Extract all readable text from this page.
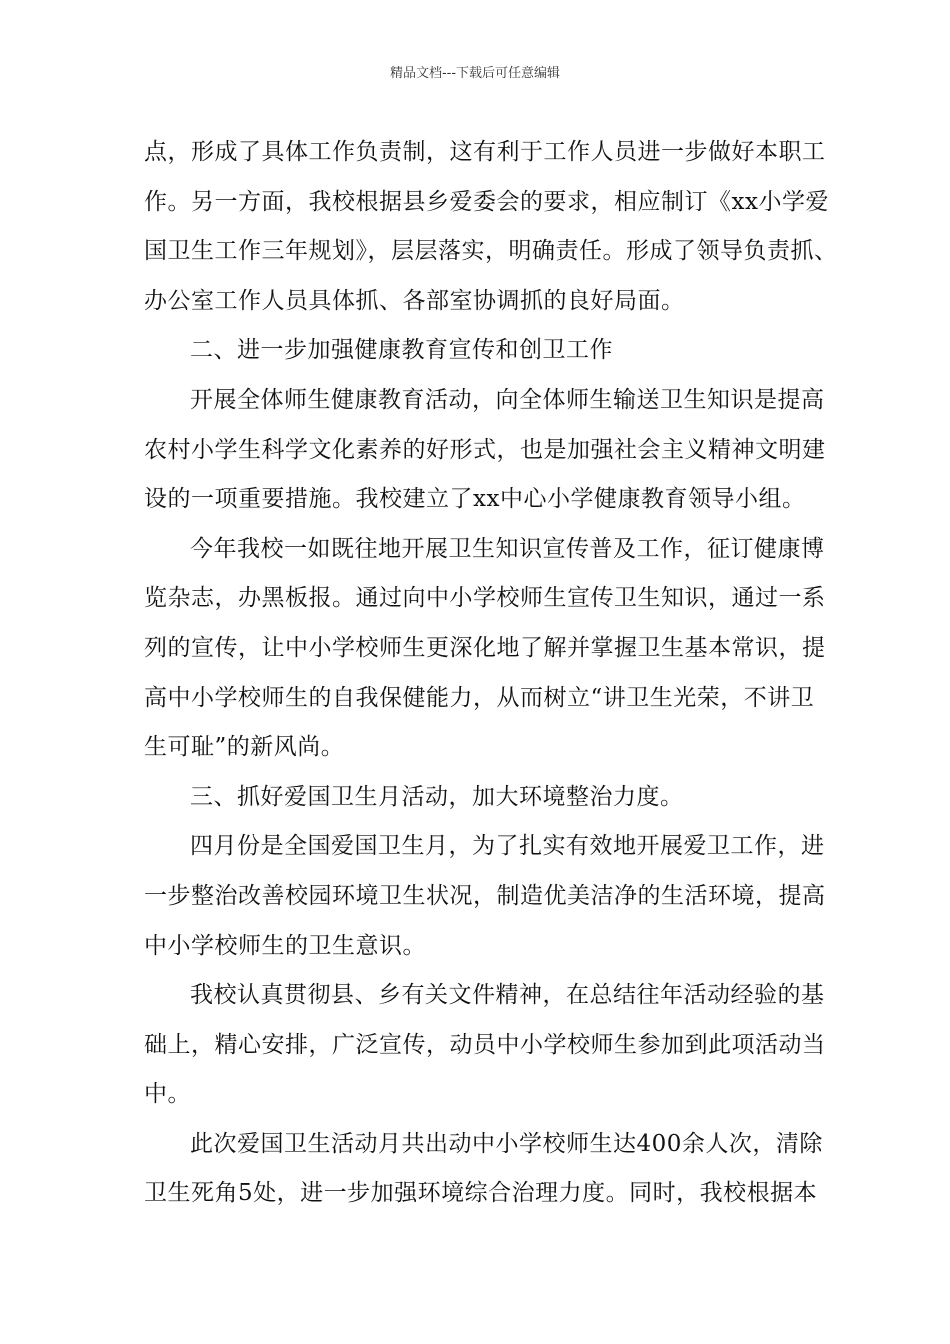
精品文档---下载后可任意编辑
点，形成了具体工作负责制，这有利于工作人员进一步做好本职工
作。另一方面，我校根据县乡爱委会的要求，相应制订《xx小学爱
国卫生工作三年规划》，层层落实，明确责任。形成了领导负责抓、
办公室工作人员具体抓、各部室协调抓的良好局面。
二、进一步加强健康教育宣传和创卫工作
开展全体师生健康教育活动，向全体师生输送卫生知识是提高
农村小学生科学文化素养的好形式，也是加强社会主义精神文明建
设的一项重要措施。我校建立了xx中心小学健康教育领导小组。
今年我校一如既往地开展卫生知识宣传普及工作，征订健康博
览杂志，办黑板报。通过向中小学校师生宣传卫生知识，通过一系
列的宣传，让中小学校师生更深化地了解并掌握卫生基本常识，提
高中小学校师生的自我保健能力，从而树立“讲卫生光荣，不讲卫
生可耻”的新风尚。
三、抓好爱国卫生月活动，加大环境整治力度。
四月份是全国爱国卫生月，为了扎实有效地开展爱卫工作，进
一步整治改善校园环境卫生状况，制造优美洁净的生活环境，提高
中小学校师生的卫生意识。
我校认真贯彻县、乡有关文件精神，在总结往年活动经验的基
础上，精心安排，广泛宣传，动员中小学校师生参加到此项活动当
中。
此次爱国卫生活动月共出动中小学校师生达400余人次，清除
卫生死角5处，进一步加强环境综合治理力度。同时，我校根据本
